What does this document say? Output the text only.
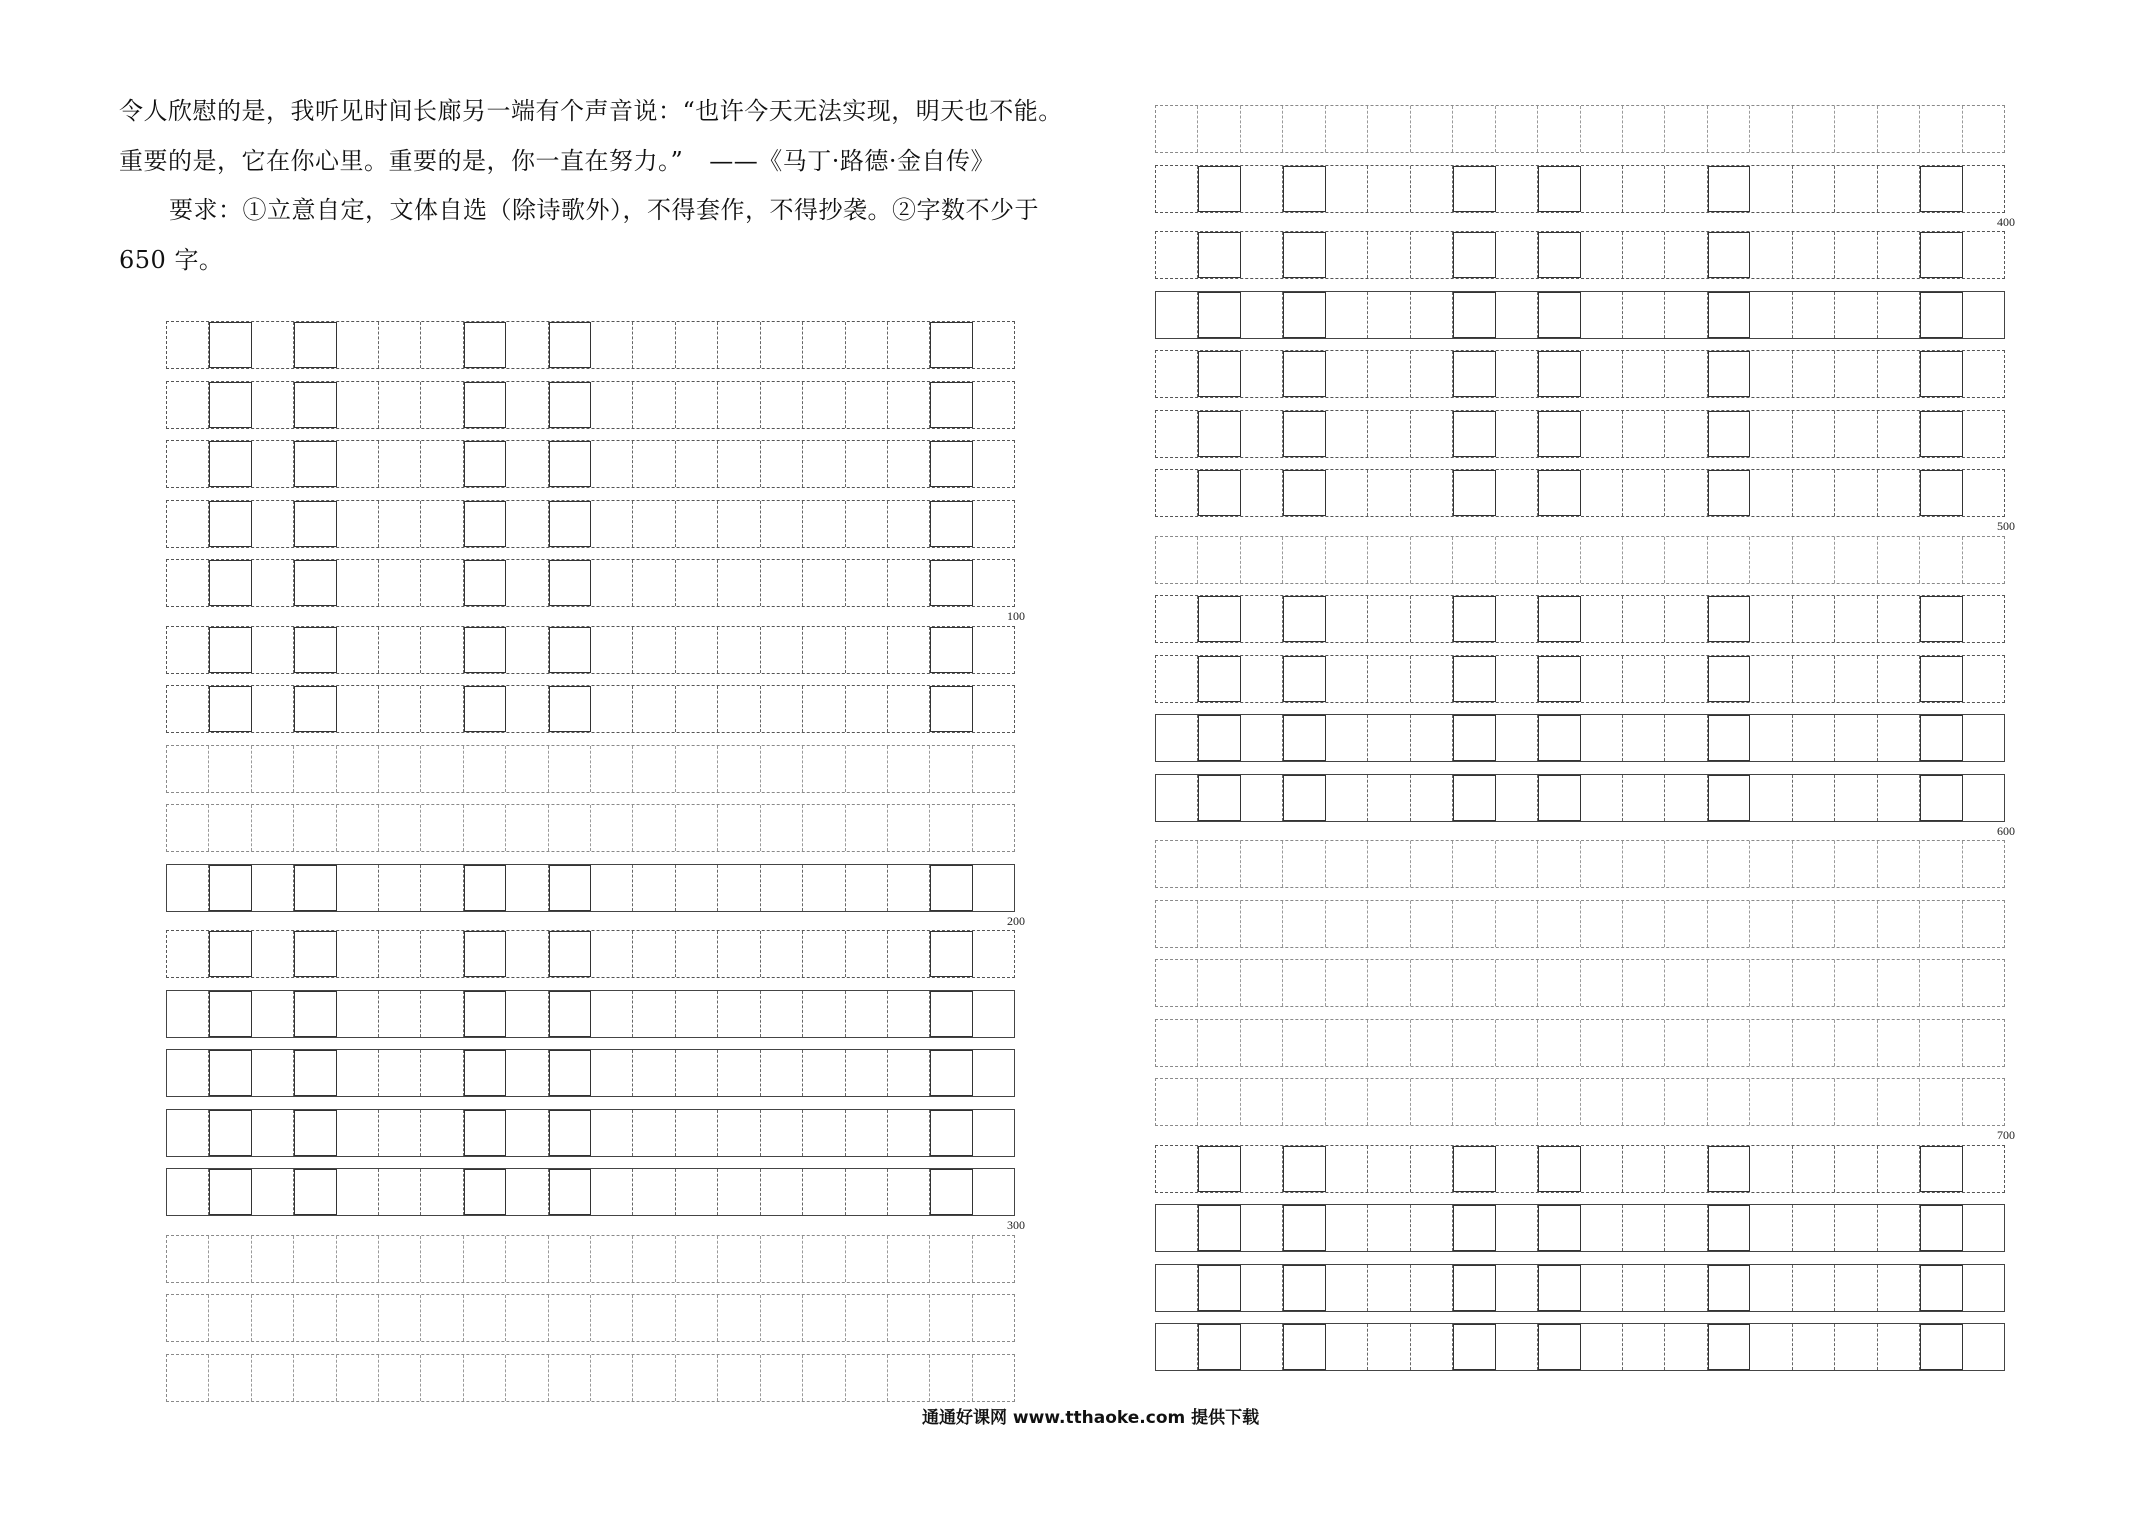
令人欣慰的是，我听见时间长廊另一端有个声音说：“也许今天无法实现，明天也不能。
重要的是，它在你心里。重要的是，你一直在努力。” ——《马丁·路德·金自传》
要求：①立意自定，文体自选（除诗歌外），不得套作，不得抄袭。②字数不少于
650 字。
100
200
300
400
500
600
700
通通好课网 www.tthaoke.com 提供下载
